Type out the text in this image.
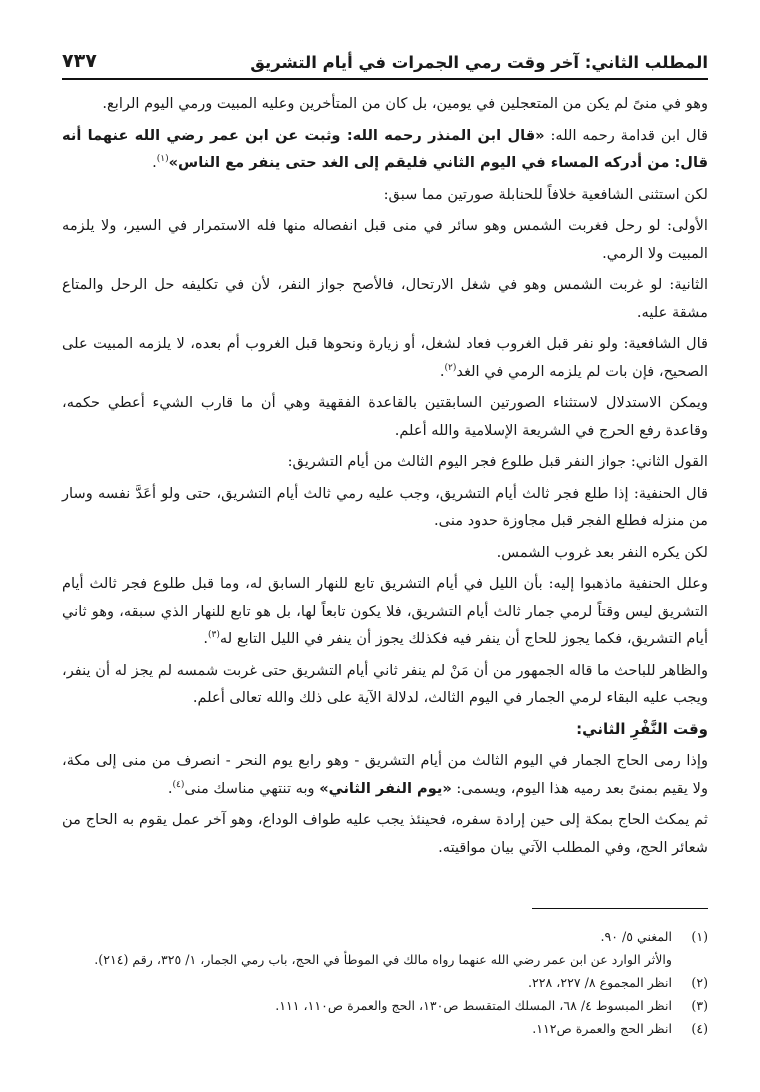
المطلب الثاني: آخر وقت رمي الجمرات في أيام التشريق
٧٣٧

وهو في منىً لم يكن من المتعجلين في يومين، بل كان من المتأخرين وعليه المبيت ورمي اليوم الرابع.

قال ابن قدامة رحمه الله: «قال ابن المنذر رحمه الله: وثبت عن ابن عمر رضي الله عنهما أنه قال: من أدركه المساء في اليوم الثاني فليقم إلى الغد حتى ينفر مع الناس»$^{(١)}$.

لكن استثنى الشافعية خلافاً للحنابلة صورتين مما سبق:

الأولى: لو رحل فغربت الشمس وهو سائر في منى قبل انفصاله منها فله الاستمرار في السير، ولا يلزمه المبيت ولا الرمي.

الثانية: لو غربت الشمس وهو في شغل الارتحال، فالأصح جواز النفر، لأن في تكليفه حل الرحل والمتاع مشقة عليه.

قال الشافعية: ولو نفر قبل الغروب فعاد لشغل، أو زيارة ونحوها قبل الغروب أم بعده، لا يلزمه المبيت على الصحيح، فإن بات لم يلزمه الرمي في الغد$^{(٢)}$.

ويمكن الاستدلال لاستثناء الصورتين السابقتين بالقاعدة الفقهية وهي أن ما قارب الشيء أعطي حكمه، وقاعدة رفع الحرج في الشريعة الإسلامية والله أعلم.

القول الثاني: جواز النفر قبل طلوع فجر اليوم الثالث من أيام التشريق:

قال الحنفية: إذا طلع فجر ثالث أيام التشريق، وجب عليه رمي ثالث أيام التشريق، حتى ولو أعَدَّ نفسه وسار من منزله فطلع الفجر قبل مجاوزة حدود منى.

لكن يكره النفر بعد غروب الشمس.

وعلل الحنفية ماذهبوا إليه: بأن الليل في أيام التشريق تابع للنهار السابق له، وما قبل طلوع فجر ثالث أيام التشريق ليس وقتاً لرمي جمار ثالث أيام التشريق، فلا يكون تابعاً لها، بل هو تابع للنهار الذي سبقه، وهو ثاني أيام التشريق، فكما يجوز للحاج أن ينفر فيه فكذلك يجوز أن ينفر في الليل التابع له$^{(٣)}$.

والظاهر للباحث ما قاله الجمهور من أن مَنْ لم ينفر ثاني أيام التشريق حتى غربت شمسه لم يجز له أن ينفر، ويجب عليه البقاء لرمي الجمار في اليوم الثالث، لدلالة الآية على ذلك والله تعالى أعلم.

وقت النَّفْرِ الثاني:

وإذا رمى الحاج الجمار في اليوم الثالث من أيام التشريق - وهو رابع يوم النحر - انصرف من منى إلى مكة، ولا يقيم بمنىً بعد رميه هذا اليوم، ويسمى: «يوم النفر الثاني» وبه تنتهي مناسك منى$^{(٤)}$.

ثم يمكث الحاج بمكة إلى حين إرادة سفره، فحينئذ يجب عليه طواف الوداع، وهو آخر عمل يقوم به الحاج من شعائر الحج، وفي المطلب الآتي بيان مواقيته.

(١)
المغني ٥/ ٩٠.
والأثر الوارد عن ابن عمر رضي الله عنهما رواه مالك في الموطأ في الحج، باب رمي الجمار، ١/ ٣٢٥، رقم (٢١٤).
(٢)
انظر المجموع ٨/ ٢٢٧، ٢٢٨.
(٣)
انظر المبسوط ٤/ ٦٨، المسلك المتقسط ص١٣٠، الحج والعمرة ص١١٠، ١١١.
(٤)
انظر الحج والعمرة ص١١٢.
